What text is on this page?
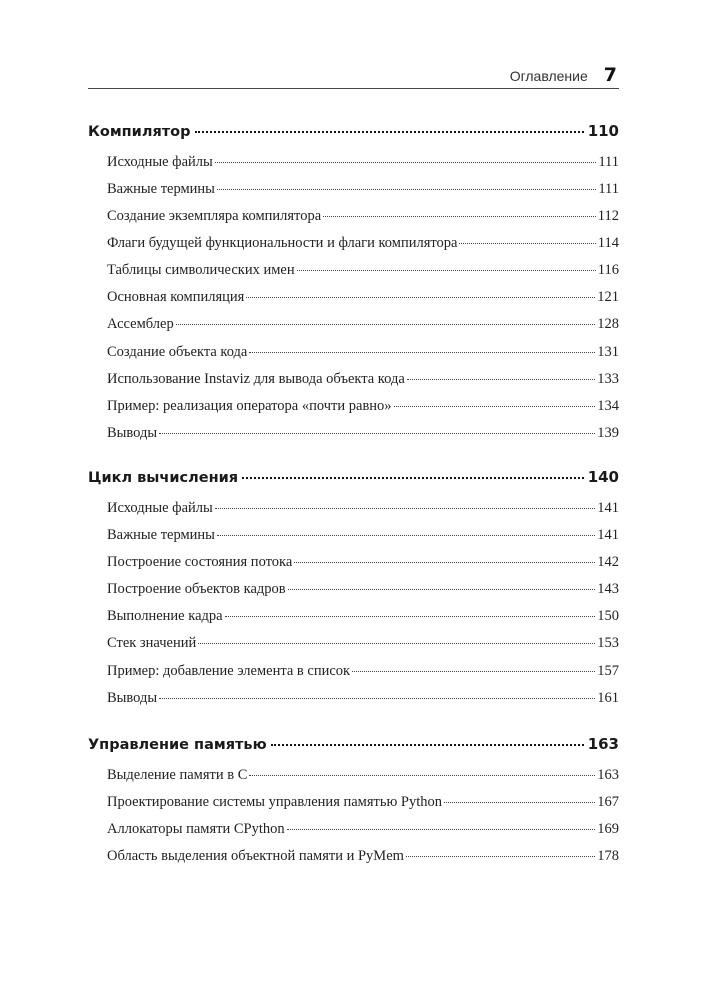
Оглавление 7
Компилятор	110
Исходные файлы	111
Важные термины	111
Создание экземпляра компилятора	112
Флаги будущей функциональности и флаги компилятора	114
Таблицы символических имен	116
Основная компиляция	121
Ассемблер	128
Создание объекта кода	131
Использование Instaviz для вывода объекта кода	133
Пример: реализация оператора «почти равно»	134
Выводы	139
Цикл вычисления	140
Исходные файлы	141
Важные термины	141
Построение состояния потока	142
Построение объектов кадров	143
Выполнение кадра	150
Стек значений	153
Пример: добавление элемента в список	157
Выводы	161
Управление памятью	163
Выделение памяти в C	163
Проектирование системы управления памятью Python	167
Аллокаторы памяти CPython	169
Область выделения объектной памяти и PyMem	178
